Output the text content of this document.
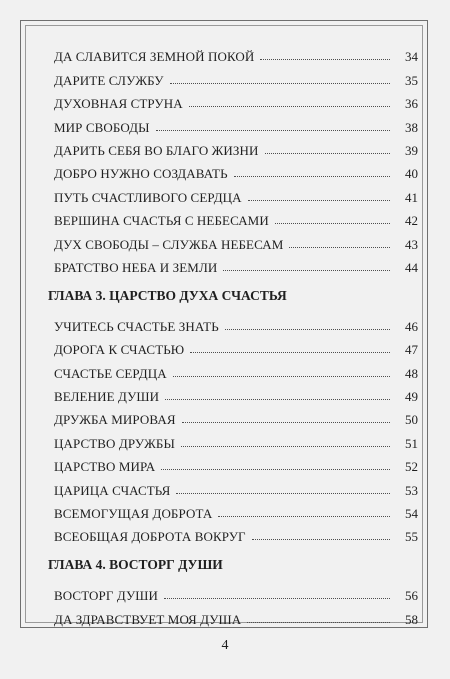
ДА СЛАВИТСЯ ЗЕМНОЙ ПОКОЙ	34
ДАРИТЕ СЛУЖБУ	35
ДУХОВНАЯ СТРУНА	36
МИР СВОБОДЫ	38
ДАРИТЬ СЕБЯ ВО БЛАГО ЖИЗНИ	39
ДОБРО НУЖНО СОЗДАВАТЬ	40
ПУТЬ СЧАСТЛИВОГО СЕРДЦА	41
ВЕРШИНА СЧАСТЬЯ С НЕБЕСАМИ	42
ДУХ СВОБОДЫ – СЛУЖБА НЕБЕСАМ	43
БРАТСТВО НЕБА И ЗЕМЛИ	44
ГЛАВА 3. ЦАРСТВО ДУХА СЧАСТЬЯ
УЧИТЕСЬ СЧАСТЬЕ ЗНАТЬ	46
ДОРОГА К СЧАСТЬЮ	47
СЧАСТЬЕ СЕРДЦА	48
ВЕЛЕНИЕ ДУШИ	49
ДРУЖБА МИРОВАЯ	50
ЦАРСТВО ДРУЖБЫ	51
ЦАРСТВО МИРА	52
ЦАРИЦА СЧАСТЬЯ	53
ВСЕМОГУЩАЯ ДОБРОТА	54
ВСЕОБЩАЯ ДОБРОТА ВОКРУГ	55
ГЛАВА 4. ВОСТОРГ ДУШИ
ВОСТОРГ ДУШИ	56
ДА ЗДРАВСТВУЕТ МОЯ ДУША	58
4
